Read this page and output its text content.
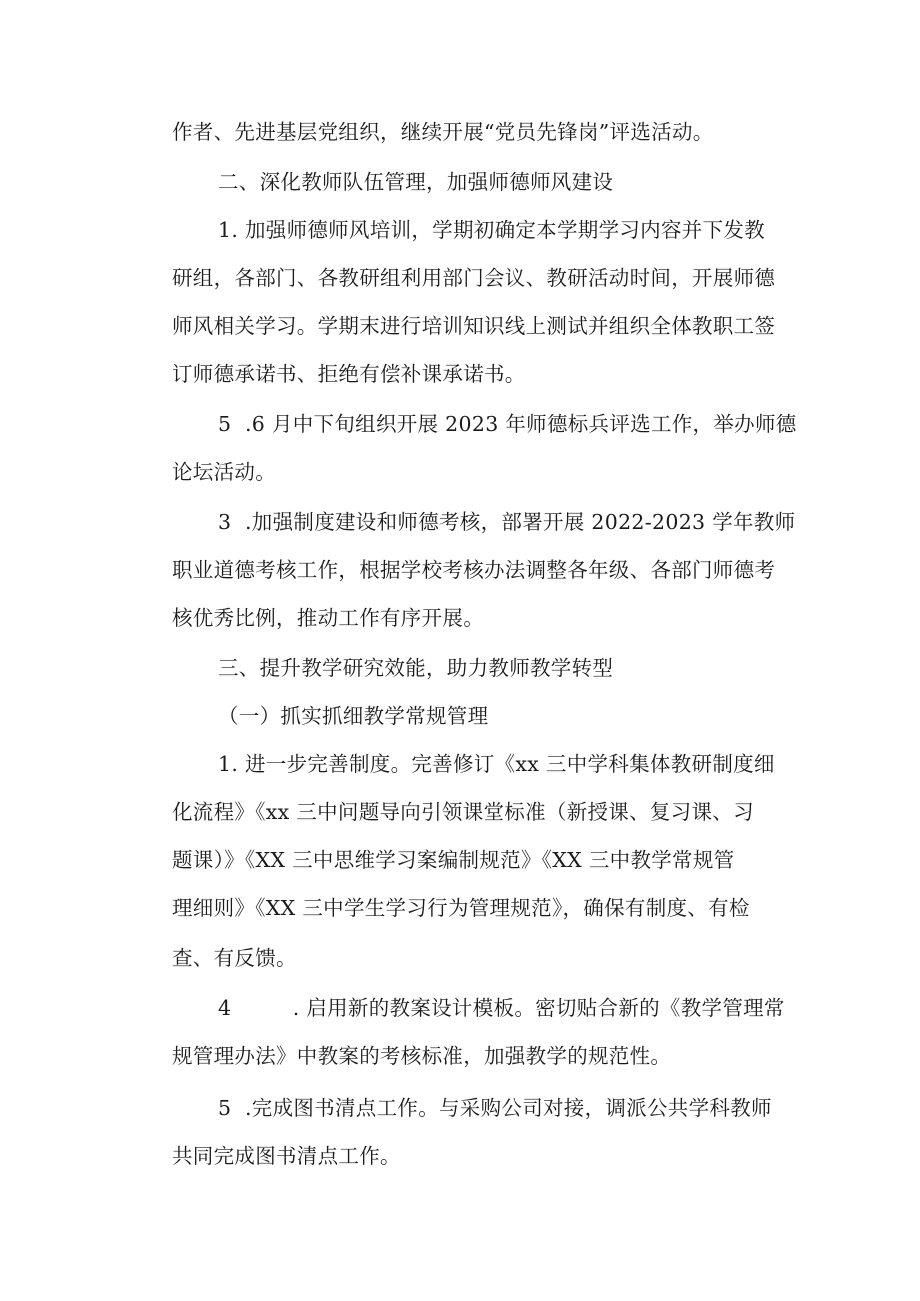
作者、先进基层党组织，继续开展“党员先锋岗”评选活动。
二、深化教师队伍管理，加强师德师风建设
1. 加强师德师风培训，学期初确定本学期学习内容并下发教
研组，各部门、各教研组利用部门会议、教研活动时间，开展师德
师风相关学习。学期末进行培训知识线上测试并组织全体教职工签
订师德承诺书、拒绝有偿补课承诺书。
5  .6 月中下旬组织开展 2023 年师德标兵评选工作，举办师德
论坛活动。
3  .加强制度建设和师德考核，部署开展 2022-2023 学年教师
职业道德考核工作，根据学校考核办法调整各年级、各部门师德考
核优秀比例，推动工作有序开展。
三、提升教学研究效能，助力教师教学转型
（一）抓实抓细教学常规管理
1. 进一步完善制度。完善修订《xx 三中学科集体教研制度细
化流程》《xx 三中问题导向引领课堂标准（新授课、复习课、习
题课）》《XX 三中思维学习案编制规范》《XX 三中教学常规管
理细则》《XX 三中学生学习行为管理规范》，确保有制度、有检
查、有反馈。
4         . 启用新的教案设计模板。密切贴合新的《教学管理常
规管理办法》中教案的考核标准，加强教学的规范性。
5  .完成图书清点工作。与采购公司对接，调派公共学科教师
共同完成图书清点工作。
